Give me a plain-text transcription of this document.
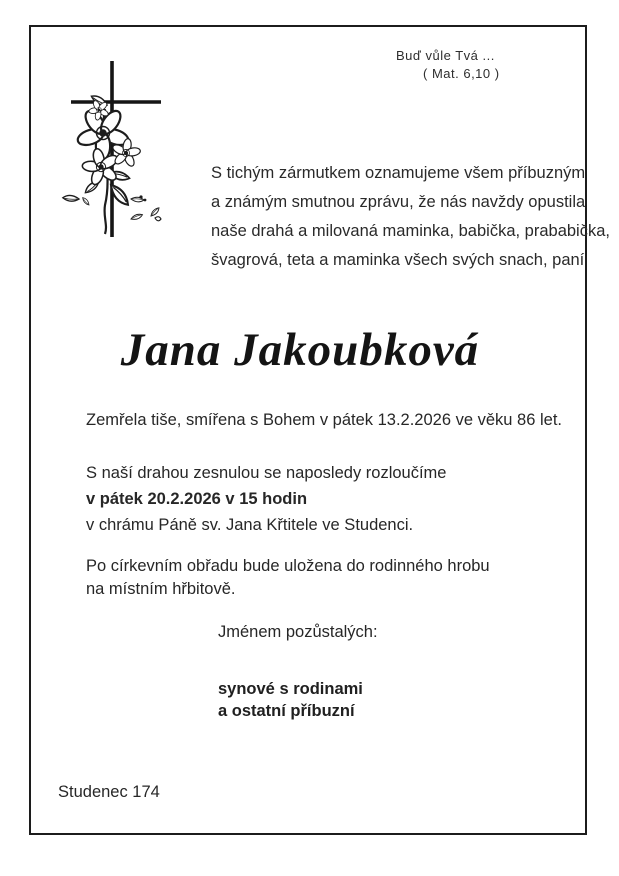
Buď vůle Tvá ...
( Mat. 6,10 )
S tichým zármutkem oznamujeme všem příbuzným
a známým smutnou zprávu, že nás navždy opustila
naše drahá a milovaná maminka, babička, prababička,
švagrová, teta a maminka všech svých snach, paní
Jana Jakoubková
Zemřela tiše, smířena s Bohem v pátek 13.2.2026 ve věku 86 let.
S naší drahou zesnulou se naposledy rozloučíme
v pátek 20.2.2026 v 15 hodin
v chrámu Páně sv. Jana Křtitele ve Studenci.
Po církevním obřadu bude uložena do rodinného hrobu
na místním hřbitově.
Jménem pozůstalých:
synové s rodinami
a ostatní příbuzní
Studenec 174
